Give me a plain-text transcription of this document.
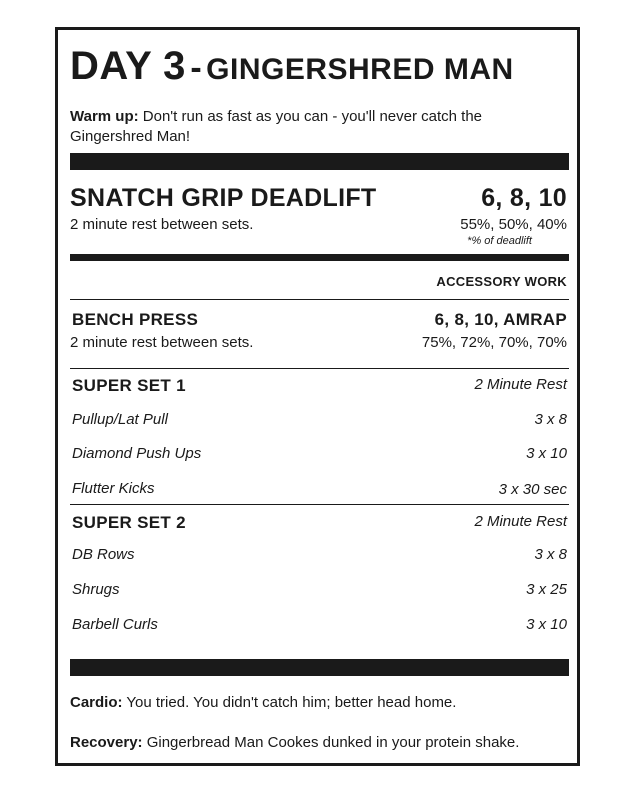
DAY 3 - GINGERSHRED MAN
Warm up: Don't run as fast as you can - you'll never catch the
Gingershred Man!
SNATCH GRIP DEADLIFT	6, 8, 10
2 minute rest between sets.	55%, 50%, 40%
*% of deadlift
ACCESSORY WORK
BENCH PRESS	6, 8, 10, AMRAP
2 minute rest between sets.	75%, 72%, 70%, 70%
SUPER SET 1	2 Minute Rest
Pullup/Lat Pull	3 x 8
Diamond Push Ups	3 x 10
Flutter Kicks	3 x 30 sec
SUPER SET 2	2 Minute Rest
DB Rows	3 x 8
Shrugs	3 x 25
Barbell Curls	3 x 10
Cardio: You tried. You didn't catch him; better head home.
Recovery: Gingerbread Man Cookes dunked in your protein shake.
